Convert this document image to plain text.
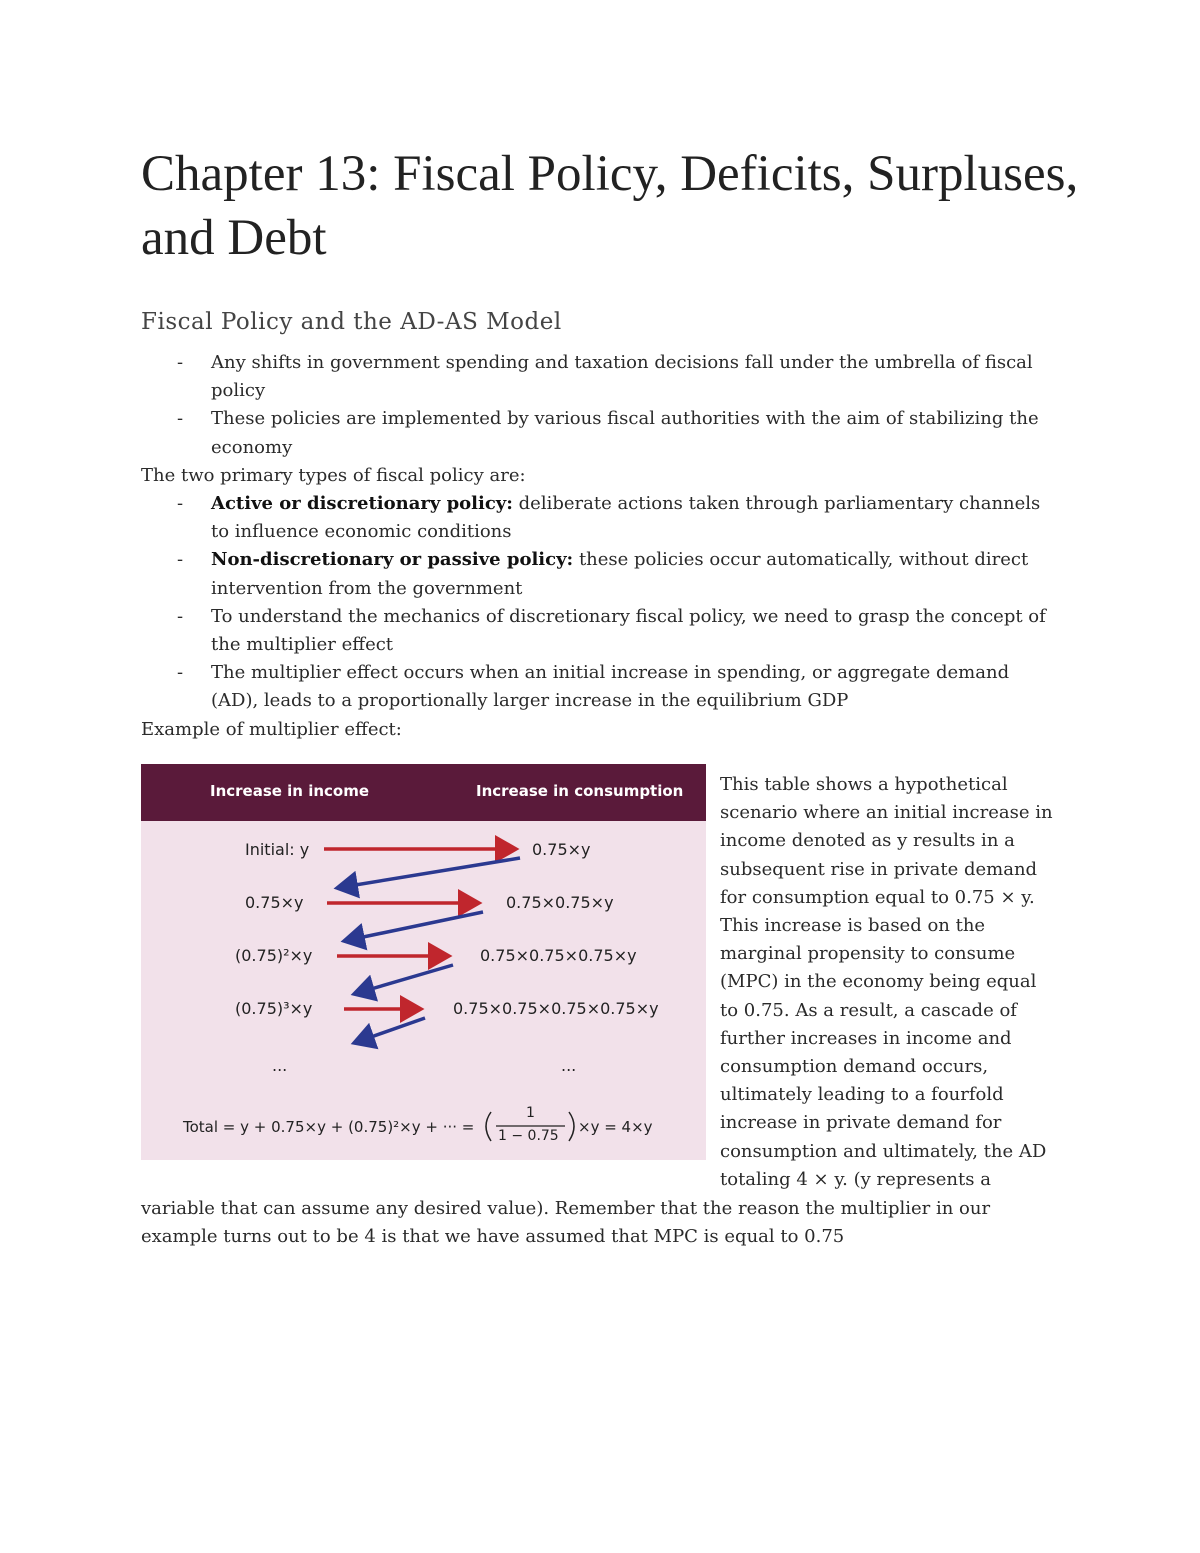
Chapter 13: Fiscal Policy, Deficits, Surpluses, and Debt
Fiscal Policy and the AD-AS Model
- Any shifts in government spending and taxation decisions fall under the umbrella of fiscal policy
- These policies are implemented by various fiscal authorities with the aim of stabilizing the economy

The two primary types of fiscal policy are:

- Active or discretionary policy: deliberate actions taken through parliamentary channels to influence economic conditions
- Non-discretionary or passive policy: these policies occur automatically, without direct intervention from the government
- To understand the mechanics of discretionary fiscal policy, we need to grasp the concept of the multiplier effect
- The multiplier effect occurs when an initial increase in spending, or aggregate demand (AD), leads to a proportionally larger increase in the equilibrium GDP

Example of multiplier effect:

Increase in income	Increase in consumption
Initial: y
0.75×y
(0.75)²×y
(0.75)³×y
...
0.75×y
0.75×0.75×y
0.75×0.75×0.75×y
0.75×0.75×0.75×0.75×y
...
Total = y + 0.75×y + (0.75)²×y + ··· =
1
1 − 0.75 ×y = 4×y

This table shows a hypothetical scenario where an initial increase in income denoted as y results in a subsequent rise in private demand for consumption equal to 0.75 × y. This increase is based on the marginal propensity to consume (MPC) in the economy being equal to 0.75. As a result, a cascade of further increases in income and consumption demand occurs, ultimately leading to a fourfold increase in private demand for consumption and ultimately, the AD totaling 4 × y. (y represents a

variable that can assume any desired value). Remember that the reason the multiplier in our example turns out to be 4 is that we have assumed that MPC is equal to 0.75
